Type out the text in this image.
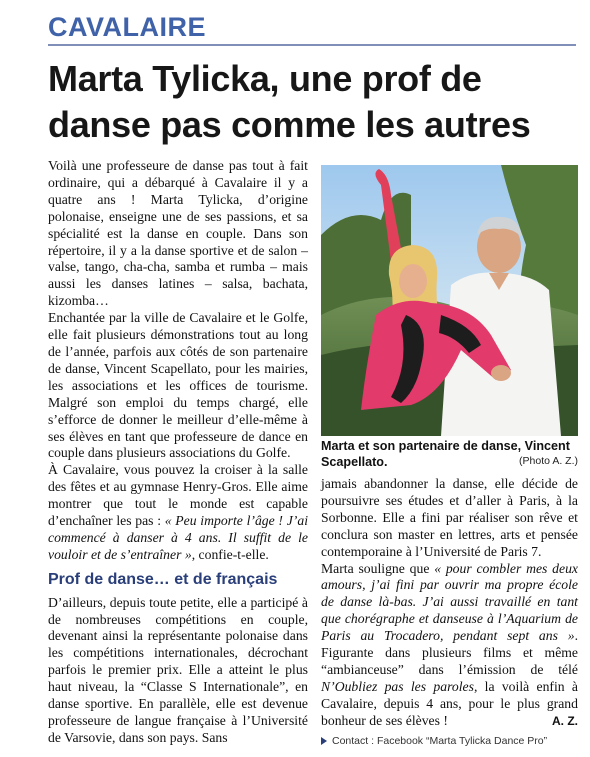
CAVALAIRE
Marta Tylicka, une prof de danse pas comme les autres

Voilà une professeure de danse pas tout à fait ordinaire, qui a débarqué à Cavalaire il y a quatre ans ! Marta Tylicka, d’origine polonaise, enseigne une de ses passions, et sa spécialité est la danse en couple. Dans son répertoire, il y a la danse sportive et de salon – valse, tango, cha-cha, samba et rumba – mais aussi les danses latines – salsa, bachata, kizomba…

Enchantée par la ville de Cavalaire et le Golfe, elle fait plusieurs démonstrations tout au long de l’année, parfois aux côtés de son partenaire de danse, Vincent Scapellato, pour les mairies, les associations et les offices de tourisme. Malgré son emploi du temps chargé, elle s’efforce de donner le meilleur d’elle-même à ses élèves en tant que professeure de dance en couple dans plusieurs associations du Golfe.

À Cavalaire, vous pouvez la croiser à la salle des fêtes et au gymnase Henry-Gros. Elle aime montrer que tout le monde est capable d’enchaîner les pas : « Peu importe l’âge ! J’ai commencé à danser à 4 ans. Il suffit de le vouloir et de s’entraîner », confie-t-elle.

Prof de danse… et de français

D’ailleurs, depuis toute petite, elle a participé à de nombreuses compétitions en couple, devenant ainsi la représentante polonaise dans les compétitions internationales, décrochant parfois le premier prix. Elle a atteint le plus haut niveau, la “Classe S Internationale”, en danse sportive. En parallèle, elle est devenue professeure de langue française à l’Université de Varsovie, dans son pays. Sans

Marta et son partenaire de danse, Vincent Scapellato.	(Photo A. Z.)

jamais abandonner la danse, elle décide de poursuivre ses études et d’aller à Paris, à la Sorbonne. Elle a fini par réaliser son rêve et conclura son master en lettres, arts et pensée contemporaine à l’Université de Paris 7.

Marta souligne que « pour combler mes deux amours, j’ai fini par ouvrir ma propre école de danse là-bas. J’ai aussi travaillé en tant que chorégraphe et danseuse à l’Aquarium de Paris au Trocadero, pendant sept ans ». Figurante dans plusieurs films et même “ambianceuse” dans l’émission de télé N’Oubliez pas les paroles, la voilà enfin à Cavalaire, depuis 4 ans, pour le plus grand bonheur de ses élèves !	A. Z.

Contact : Facebook “Marta Tylicka Dance Pro”
